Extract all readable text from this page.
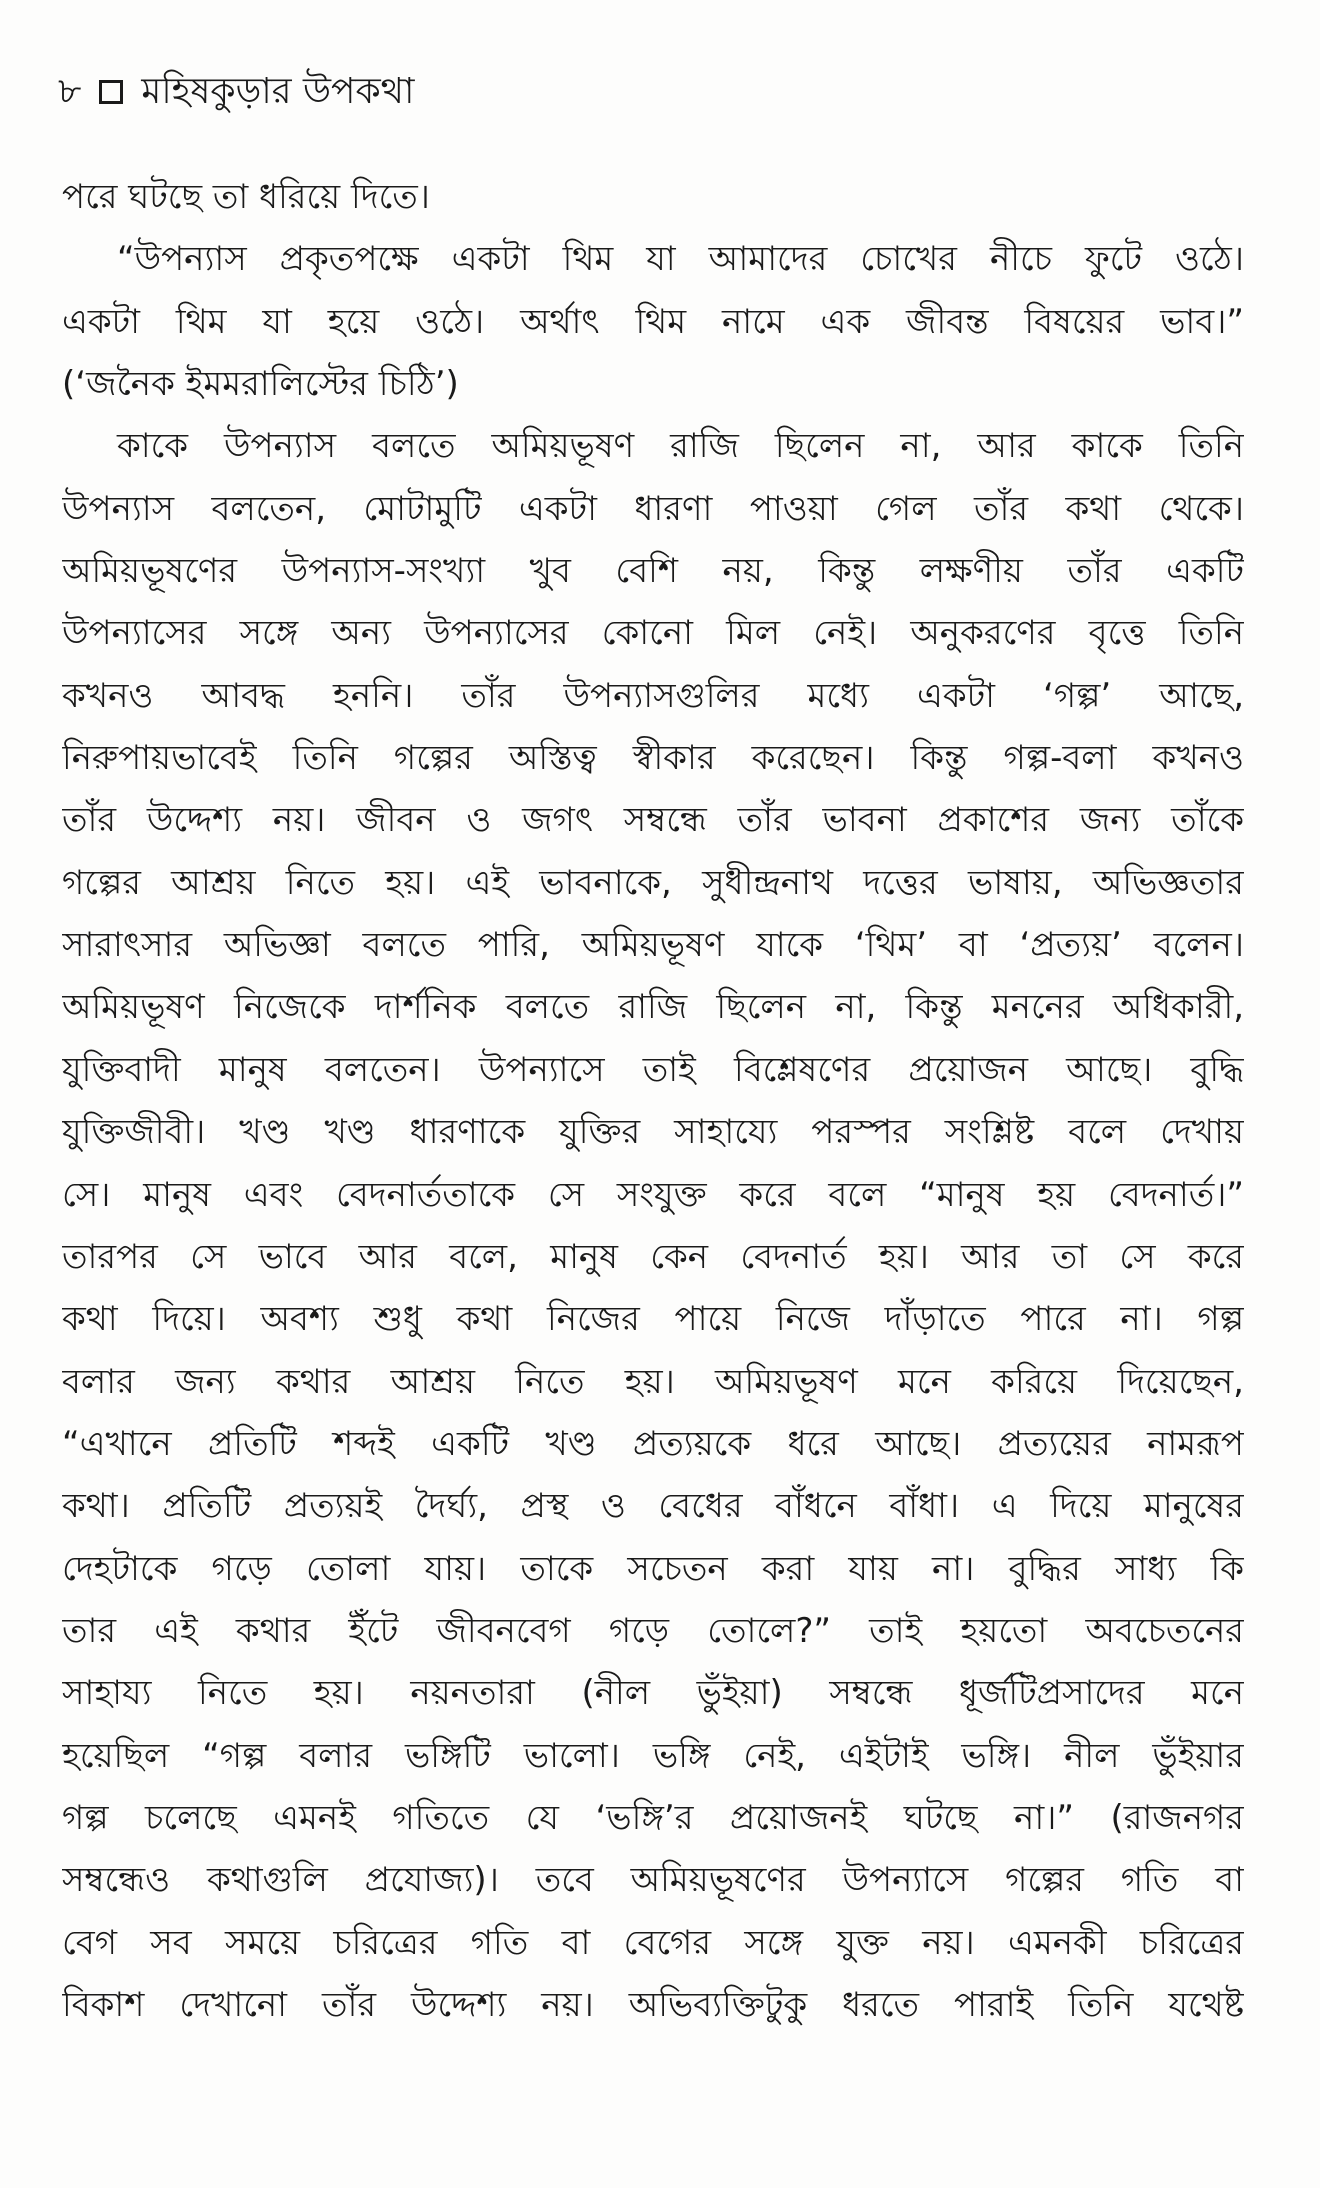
৮ মহিষকুড়ার উপকথা
পরে ঘটছে তা ধরিয়ে দিতে।
“উপন্যাস প্রকৃতপক্ষে একটা থিম যা আমাদের চোখের নীচে ফুটে ওঠে।
একটা থিম যা হয়ে ওঠে। অর্থাৎ থিম নামে এক জীবন্ত বিষয়ের ভাব।”
(‘জনৈক ইমমরালিস্টের চিঠি’)
কাকে উপন্যাস বলতে অমিয়ভূষণ রাজি ছিলেন না, আর কাকে তিনি
উপন্যাস বলতেন, মোটামুটি একটা ধারণা পাওয়া গেল তাঁর কথা থেকে।
অমিয়ভূষণের উপন্যাস-সংখ্যা খুব বেশি নয়, কিন্তু লক্ষণীয় তাঁর একটি
উপন্যাসের সঙ্গে অন্য উপন্যাসের কোনো মিল নেই। অনুকরণের বৃত্তে তিনি
কখনও আবদ্ধ হননি। তাঁর উপন্যাসগুলির মধ্যে একটা ‘গল্প’ আছে,
নিরুপায়ভাবেই তিনি গল্পের অস্তিত্ব স্বীকার করেছেন। কিন্তু গল্প-বলা কখনও
তাঁর উদ্দেশ্য নয়। জীবন ও জগৎ সম্বন্ধে তাঁর ভাবনা প্রকাশের জন্য তাঁকে
গল্পের আশ্রয় নিতে হয়। এই ভাবনাকে, সুধীন্দ্রনাথ দত্তের ভাষায়, অভিজ্ঞতার
সারাৎসার অভিজ্ঞা বলতে পারি, অমিয়ভূষণ যাকে ‘থিম’ বা ‘প্রত্যয়’ বলেন।
অমিয়ভূষণ নিজেকে দার্শনিক বলতে রাজি ছিলেন না, কিন্তু মননের অধিকারী,
যুক্তিবাদী মানুষ বলতেন। উপন্যাসে তাই বিশ্লেষণের প্রয়োজন আছে। বুদ্ধি
যুক্তিজীবী। খণ্ড খণ্ড ধারণাকে যুক্তির সাহায্যে পরস্পর সংশ্লিষ্ট বলে দেখায়
সে। মানুষ এবং বেদনার্ততাকে সে সংযুক্ত করে বলে “মানুষ হয় বেদনার্ত।”
তারপর সে ভাবে আর বলে, মানুষ কেন বেদনার্ত হয়। আর তা সে করে
কথা দিয়ে। অবশ্য শুধু কথা নিজের পায়ে নিজে দাঁড়াতে পারে না। গল্প
বলার জন্য কথার আশ্রয় নিতে হয়। অমিয়ভূষণ মনে করিয়ে দিয়েছেন,
“এখানে প্রতিটি শব্দই একটি খণ্ড প্রত্যয়কে ধরে আছে। প্রত্যয়ের নামরূপ
কথা। প্রতিটি প্রত্যয়ই দৈর্ঘ্য, প্রস্থ ও বেধের বাঁধনে বাঁধা। এ দিয়ে মানুষের
দেহটাকে গড়ে তোলা যায়। তাকে সচেতন করা যায় না। বুদ্ধির সাধ্য কি
তার এই কথার ইঁটে জীবনবেগ গড়ে তোলে?” তাই হয়তো অবচেতনের
সাহায্য নিতে হয়। নয়নতারা (নীল ভুঁইয়া) সম্বন্ধে ধূর্জটিপ্রসাদের মনে
হয়েছিল “গল্প বলার ভঙ্গিটি ভালো। ভঙ্গি নেই, এইটাই ভঙ্গি। নীল ভুঁইয়ার
গল্প চলেছে এমনই গতিতে যে ‘ভঙ্গি’র প্রয়োজনই ঘটছে না।” (রাজনগর
সম্বন্ধেও কথাগুলি প্রযোজ্য)। তবে অমিয়ভূষণের উপন্যাসে গল্পের গতি বা
বেগ সব সময়ে চরিত্রের গতি বা বেগের সঙ্গে যুক্ত নয়। এমনকী চরিত্রের
বিকাশ দেখানো তাঁর উদ্দেশ্য নয়। অভিব্যক্তিটুকু ধরতে পারাই তিনি যথেষ্ট
